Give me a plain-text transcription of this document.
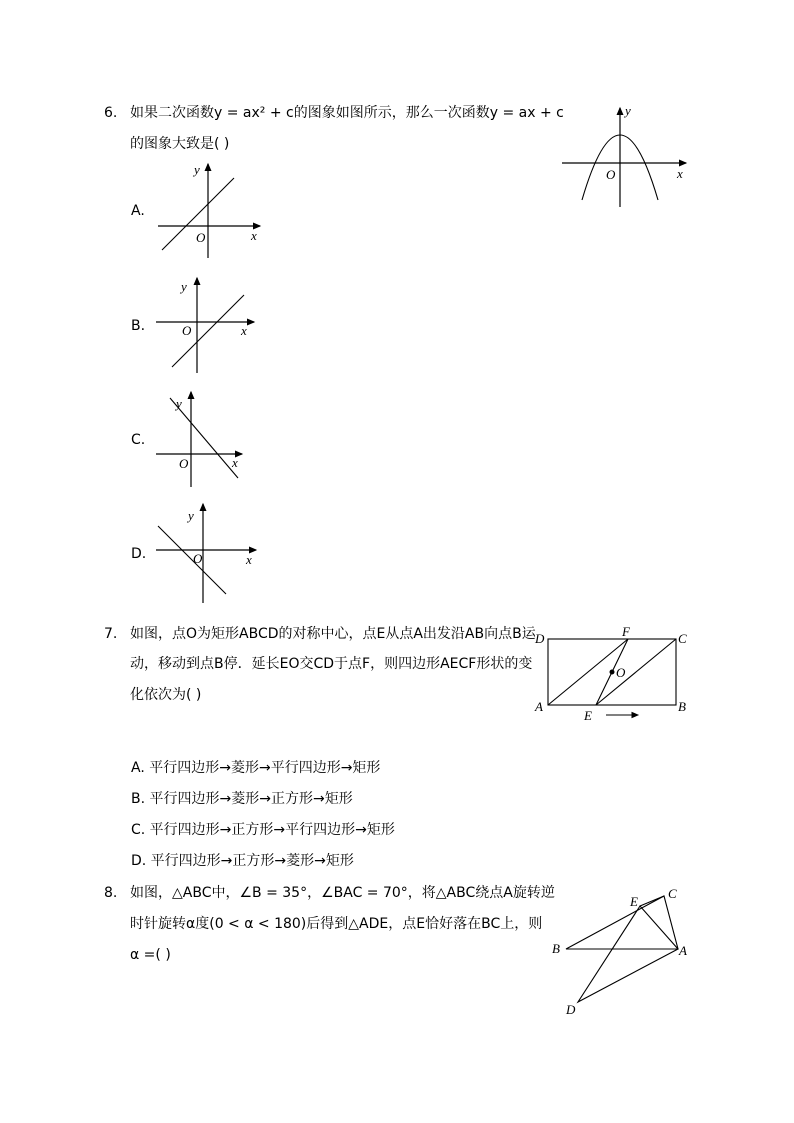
6. 如果二次函数y = ax² + c的图象如图所示，那么一次函数y = ax + c
的图象大致是( )
x
y
O
A.
x
y
O
B.	x
y
O
C.
x
y
O
D.	x
y
O
7. 如图，点O为矩形ABCD的对称中心，点E从点A出发沿AB向点B运
动，移动到点B停．延长EO交CD于点F，则四边形AECF形状的变
化依次为( )
D	F	C
O
A
E
B
A. 平行四边形→菱形→平行四边形→矩形
B. 平行四边形→菱形→正方形→矩形
C. 平行四边形→正方形→平行四边形→矩形
D. 平行四边形→正方形→菱形→矩形
8. 如图，△ABC中，∠B = 35°，∠BAC = 70°，将△ABC绕点A旋转逆
时针旋转α度(0 < α < 180)后得到△ADE，点E恰好落在BC上，则
α =( )	B	A
C
E
D
